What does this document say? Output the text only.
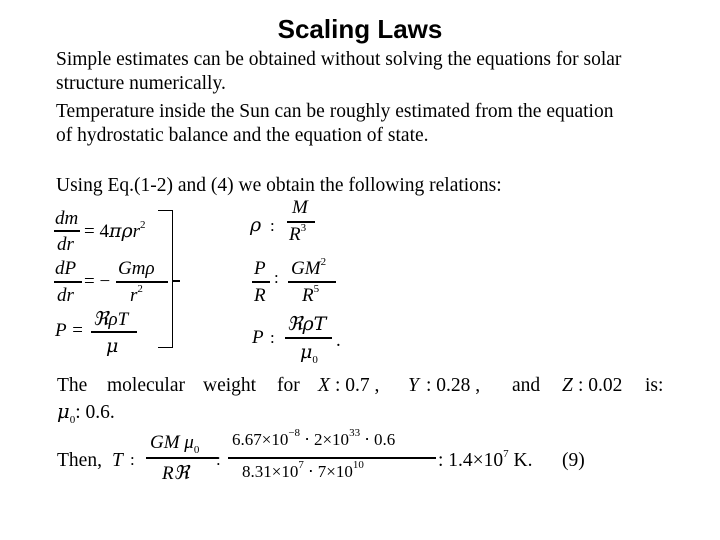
Scaling Laws
Simple estimates can be obtained without solving the equations for solar
structure numerically.
Temperature inside the Sun can be roughly estimated from the equation
of hydrostatic balance and the equation of state.
Using Eq.(1-2) and (4) we obtain the following relations:
dm
dr
= 4πρr$^2$
dP
dr
= −
Gmρ
$r^2$
P =
ℜρT
μ
ρ :
M
$R^3$
P
R
: $GM^2$
$R^5$
P :
ℜρT
$\mu_0$
.
The molecular weight for X : 0.7 , Y : 0.28 , and Z : 0.02 is:
$\mu_0$: 0.6.
Then, T :
GM $\mu_0$
Rℜ
:
$6.67\times 10^{-8} \cdot 2\times 10^{33} \cdot 0.6$
$8.31\times 10^7 \cdot 7\times 10^{10}$	: $1.4\times 10^7$ K. (9)
